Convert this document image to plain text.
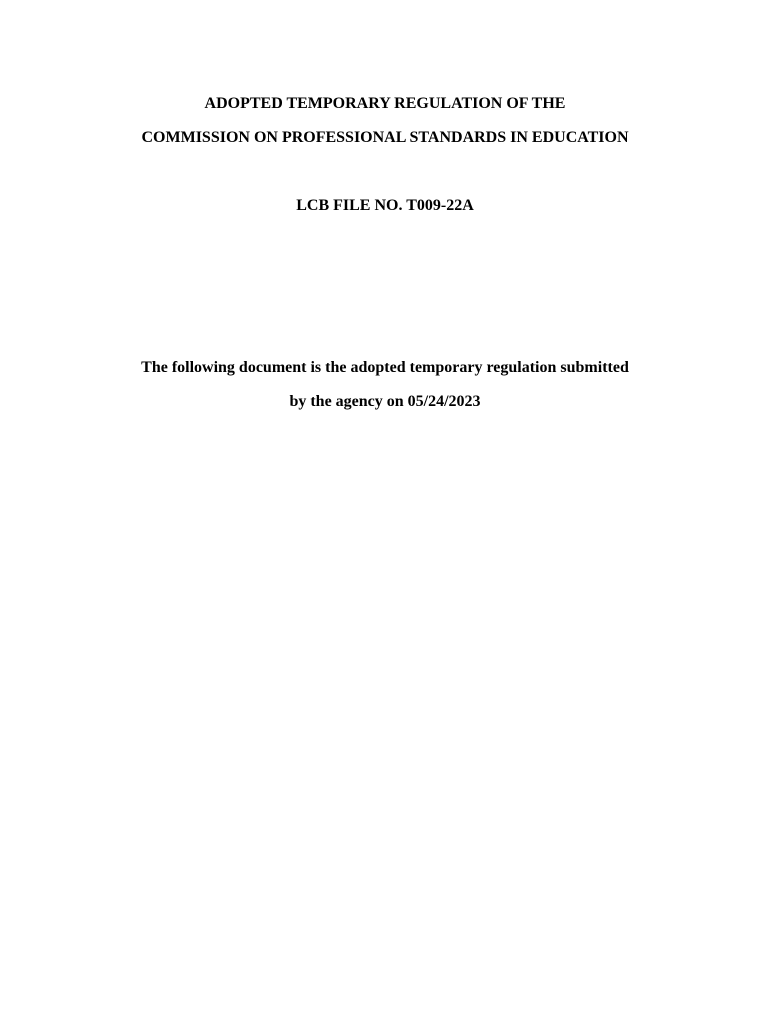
ADOPTED TEMPORARY REGULATION OF THE
COMMISSION ON PROFESSIONAL STANDARDS IN EDUCATION
LCB FILE NO. T009-22A
The following document is the adopted temporary regulation submitted
by the agency on 05/24/2023
